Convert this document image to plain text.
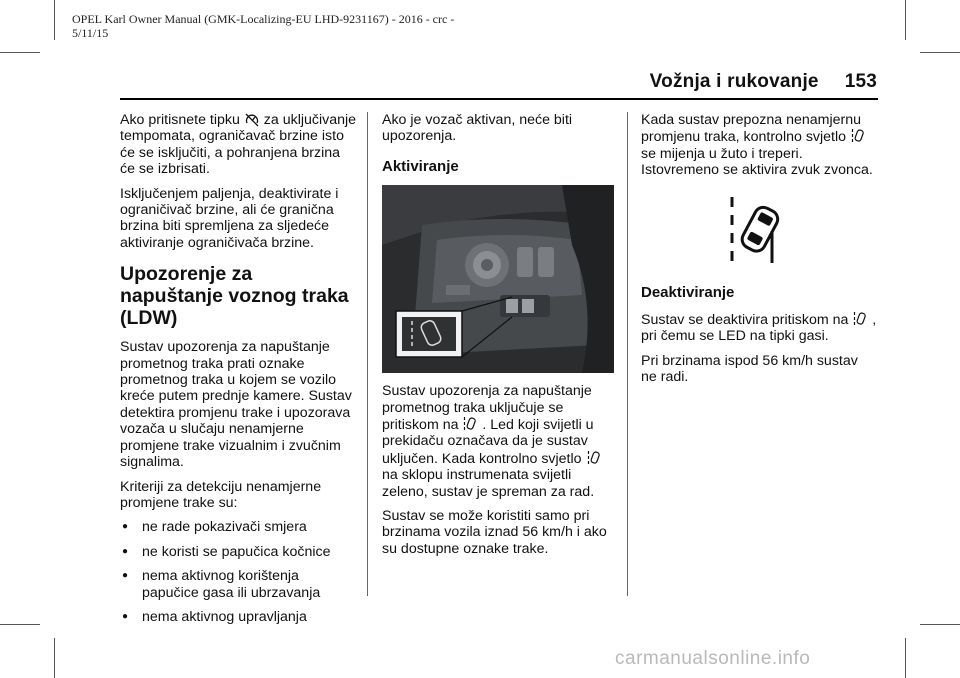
OPEL Karl Owner Manual (GMK-Localizing-EU LHD-9231167) - 2016 - crc -
5/11/15
Vožnja i rukovanje 153

Ako pritisnete tipku za uključivanje tempomata, ograničavač brzine isto će se isključiti, a pohranjena brzina će se izbrisati.

Isključenjem paljenja, deaktivirate i ograničivač brzine, ali će granična brzina biti spremljena za sljedeće aktiviranje ograničivača brzine.

Upozorenje za napuštanje voznog traka (LDW)

Sustav upozorenja za napuštanje prometnog traka prati oznake prometnog traka u kojem se vozilo kreće putem prednje kamere. Sustav detektira promjenu trake i upozorava vozača u slučaju nenamjerne promjene trake vizualnim i zvučnim signalima.

Kriteriji za detekciju nenamjerne promjene trake su:

● ne rade pokazivači smjera
● ne koristi se papučica kočnice
● nema aktivnog korištenja papučice gasa ili ubrzavanja
● nema aktivnog upravljanja

Ako je vozač aktivan, neće biti upozorenja.

Aktiviranje

Sustav upozorenja za napuštanje prometnog traka uključuje se pritiskom na . Led koji svijetli u prekidaču označava da je sustav uključen. Kada kontrolno svjetlo  na sklopu instrumenata svijetli zeleno, sustav je spreman za rad.

Sustav se može koristiti samo pri brzinama vozila iznad 56 km/h i ako su dostupne oznake trake.

Kada sustav prepozna nenamjernu promjenu traka, kontrolno svjetlo  se mijenja u žuto i treperi. Istovremeno se aktivira zvuk zvonca.

Deaktiviranje

Sustav se deaktivira pritiskom na , pri čemu se LED na tipki gasi.

Pri brzinama ispod 56 km/h sustav ne radi.

carmanualsonline.info
